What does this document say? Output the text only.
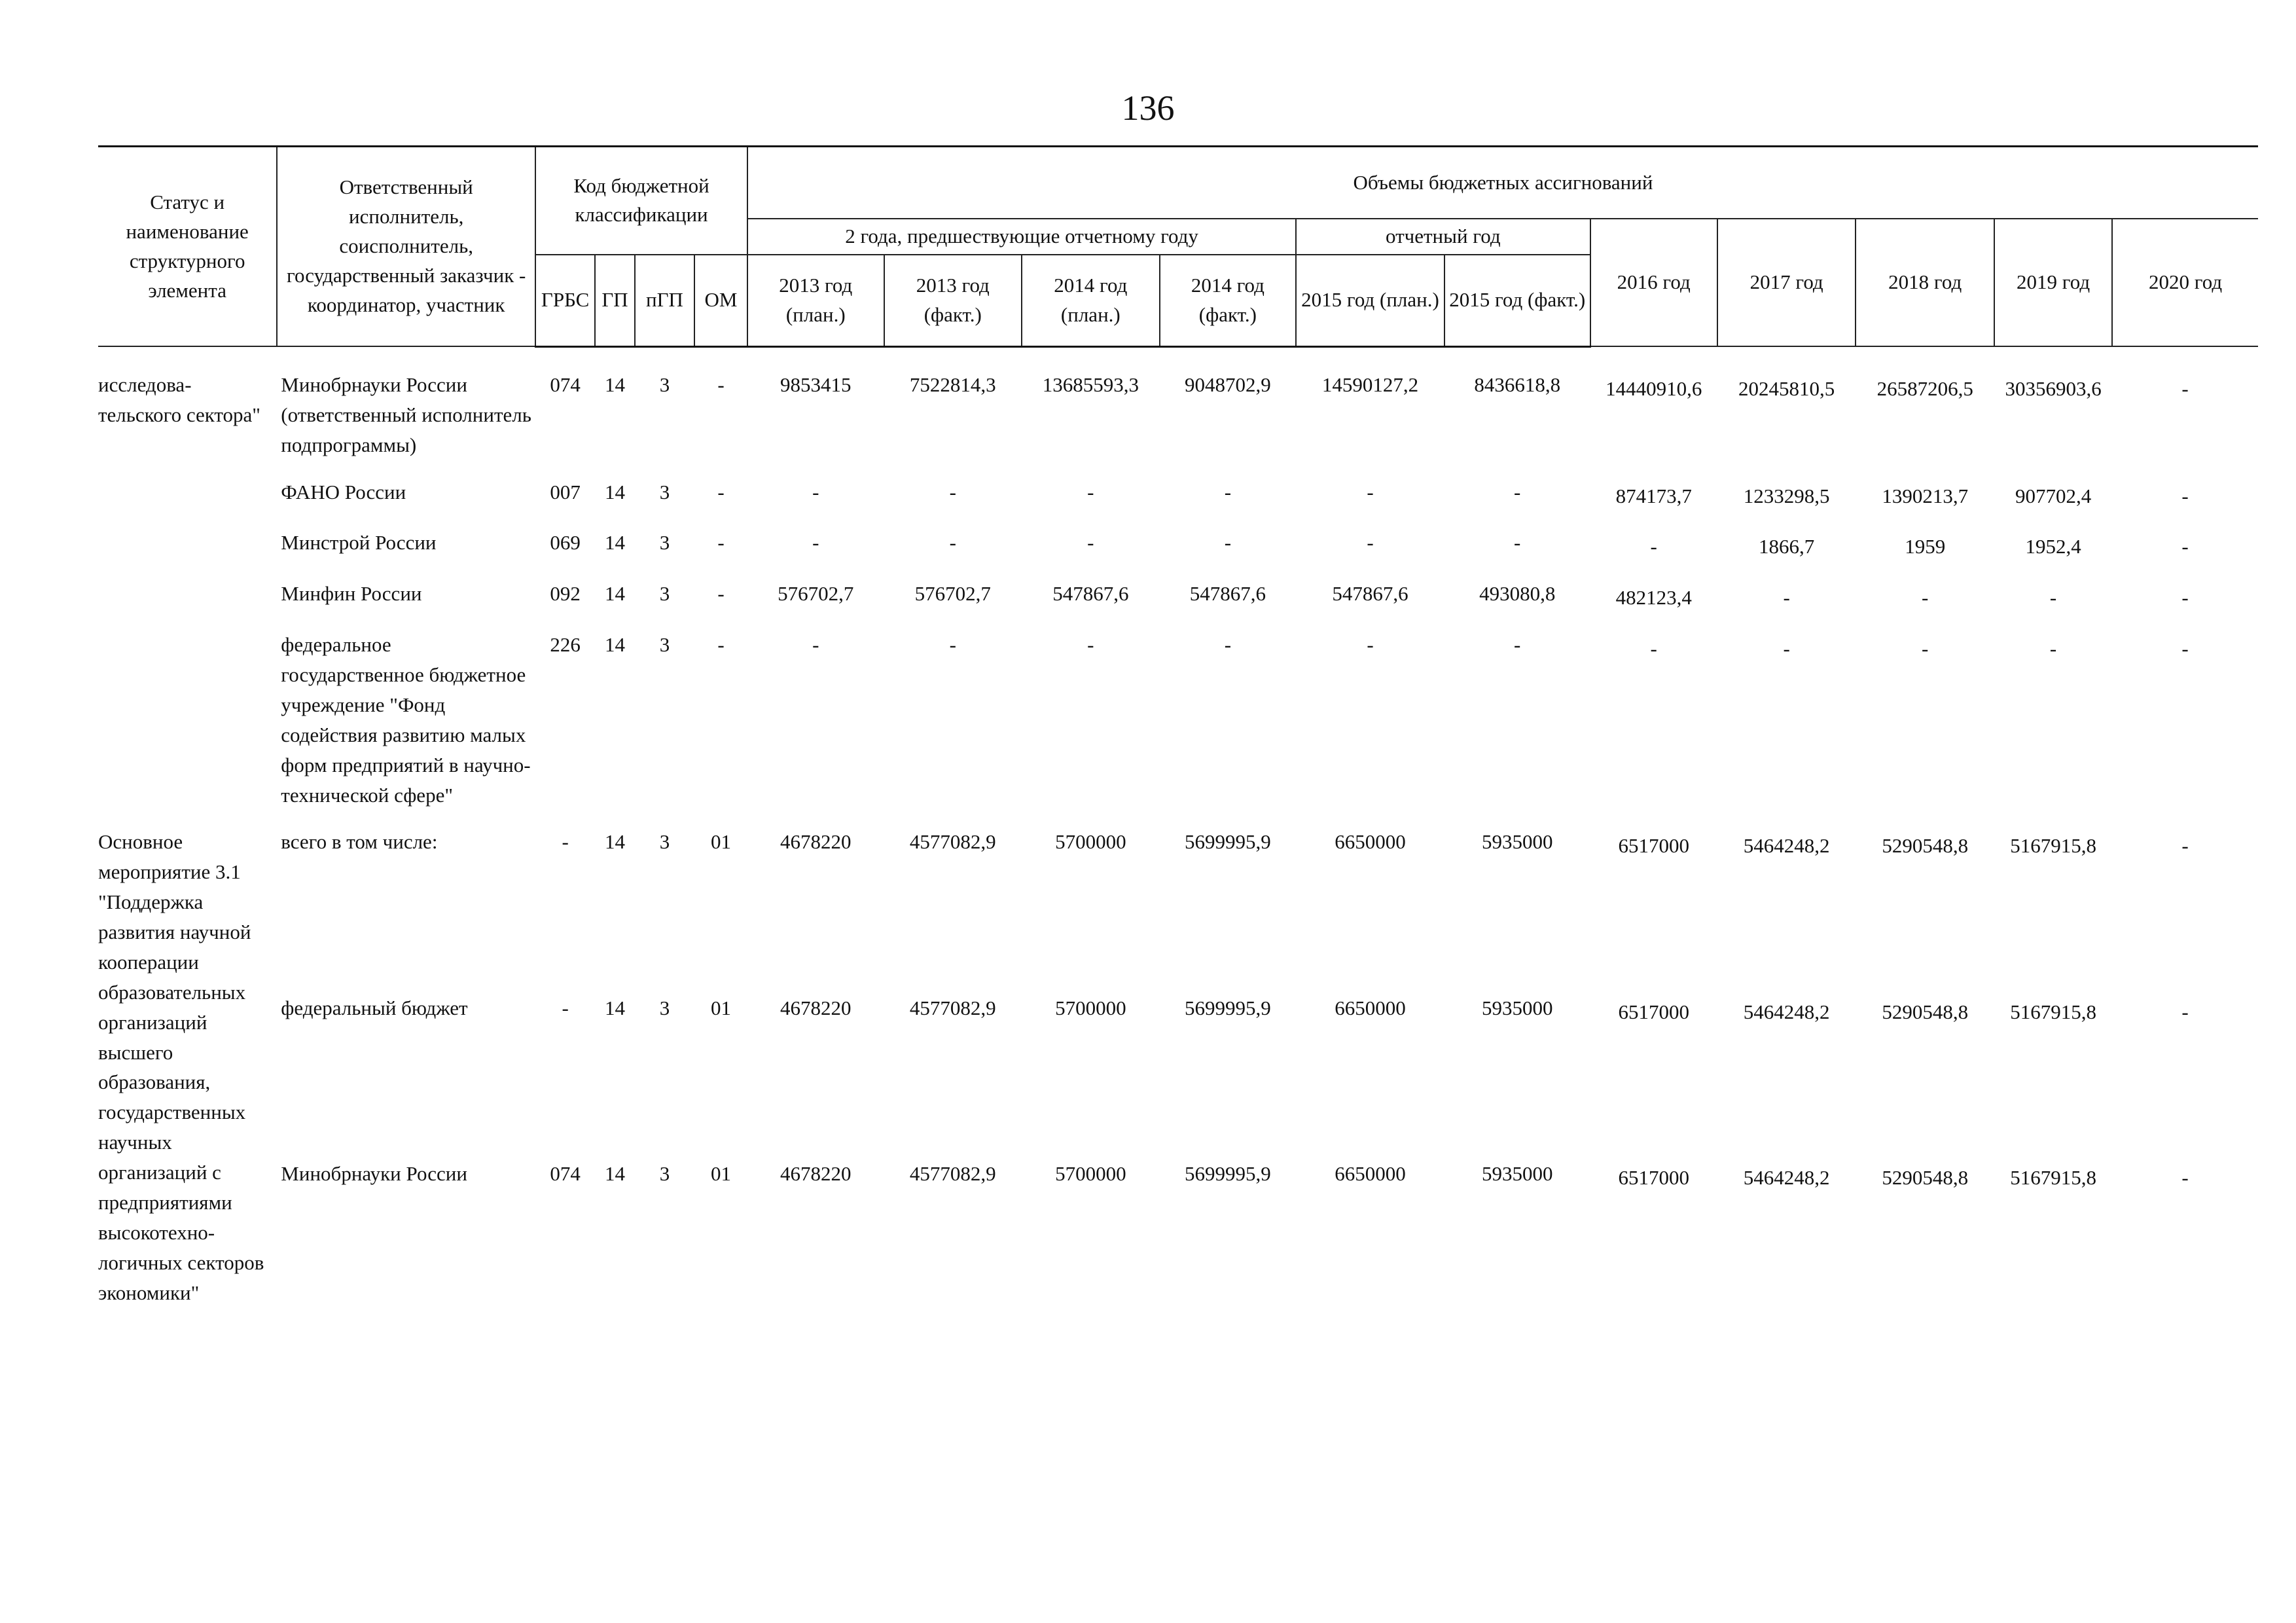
136
Статус и наименование структурного элемента	Ответственный исполнитель, соисполнитель, государственный заказчик - координатор, участник	Код бюджетной классификации				Объемы бюджетных ассигнований										
						2 года, предшествующие отчетному году				отчетный год		2016 год	2017 год	2018 год	2019 год	2020 год
		ГРБС	ГП	пГП	ОМ	2013 год (план.)	2013 год (факт.)	2014 год (план.)	2014 год (факт.)	2015 год (план.)	2015 год (факт.)					

исследова-тельского сектора"	Минобрнауки России (ответственный исполнитель подпрограммы)	074	14	3	-	9853415	7522814,3	13685593,3	9048702,9	14590127,2	8436618,8	14440910,6	20245810,5	26587206,5	30356903,6	-
	ФАНО России	007	14	3	-	-	-	-	-	-	-	874173,7	1233298,5	1390213,7	907702,4	-
	Минстрой России	069	14	3	-	-	-	-	-	-	-	-	1866,7	1959	1952,4	-
	Минфин России	092	14	3	-	576702,7	576702,7	547867,6	547867,6	547867,6	493080,8	482123,4	-	-	-	-
	федеральное государственное бюджетное учреждение "Фонд содействия развитию малых форм предприятий в научно-технической сфере"	226	14	3	-	-	-	-	-	-	-	-	-	-	-	-
Основное мероприятие 3.1 "Поддержка развития научной кооперации образовательных организаций высшего образования, государственных научных организаций с предприятиями высокотехно-логичных секторов экономики"	всего в том числе:	-	14	3	01	4678220	4577082,9	5700000	5699995,9	6650000	5935000	6517000	5464248,2	5290548,8	5167915,8	-
	федеральный бюджет	-	14	3	01	4678220	4577082,9	5700000	5699995,9	6650000	5935000	6517000	5464248,2	5290548,8	5167915,8	-
	Минобрнауки России	074	14	3	01	4678220	4577082,9	5700000	5699995,9	6650000	5935000	6517000	5464248,2	5290548,8	5167915,8	-
